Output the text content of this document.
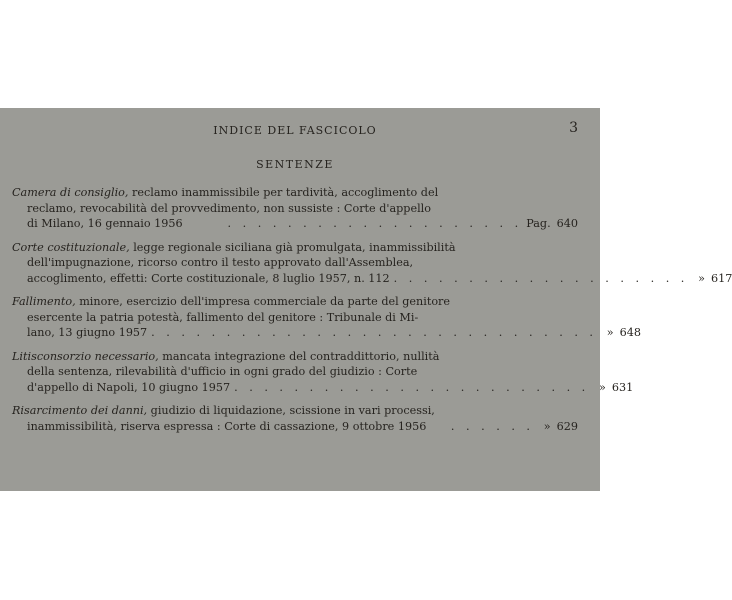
INDICE DEL FASCICOLO	3
SENTENZE
Camera di consiglio, reclamo inammissibile per tardività, accoglimento del
reclamo, revocabilità del provvedimento, non sussiste : Corte d'appello
di Milano, 16 gennaio 1956	. . . . . . . . . . . . . . . . . . . . Pag. 640
Corte costituzionale, legge regionale siciliana già promulgata, inammissibilità
dell'impugnazione, ricorso contro il testo approvato dall'Assemblea,
accoglimento, effetti: Corte costituzionale, 8 luglio 1957, n. 112 . . . . . . . . . . . . . . . . . . . . » 617
Fallimento, minore, esercizio dell'impresa commerciale da parte del genitore
esercente la patria potestà, fallimento del genitore : Tribunale di Mi-
lano, 13 giugno 1957 . . . . . . . . . . . . . . . . . . . . . . . . . . . . . . » 648
Litisconsorzio necessario, mancata integrazione del contraddittorio, nullità
della sentenza, rilevabilità d'ufficio in ogni grado del giudizio : Corte
d'appello di Napoli, 10 giugno 1957 . . . . . . . . . . . . . . . . . . . . . . . . » 631
Risarcimento dei danni, giudizio di liquidazione, scissione in vari processi,
inammissibilità, riserva espressa : Corte di cassazione, 9 ottobre 1956	. . . . . . » 629
